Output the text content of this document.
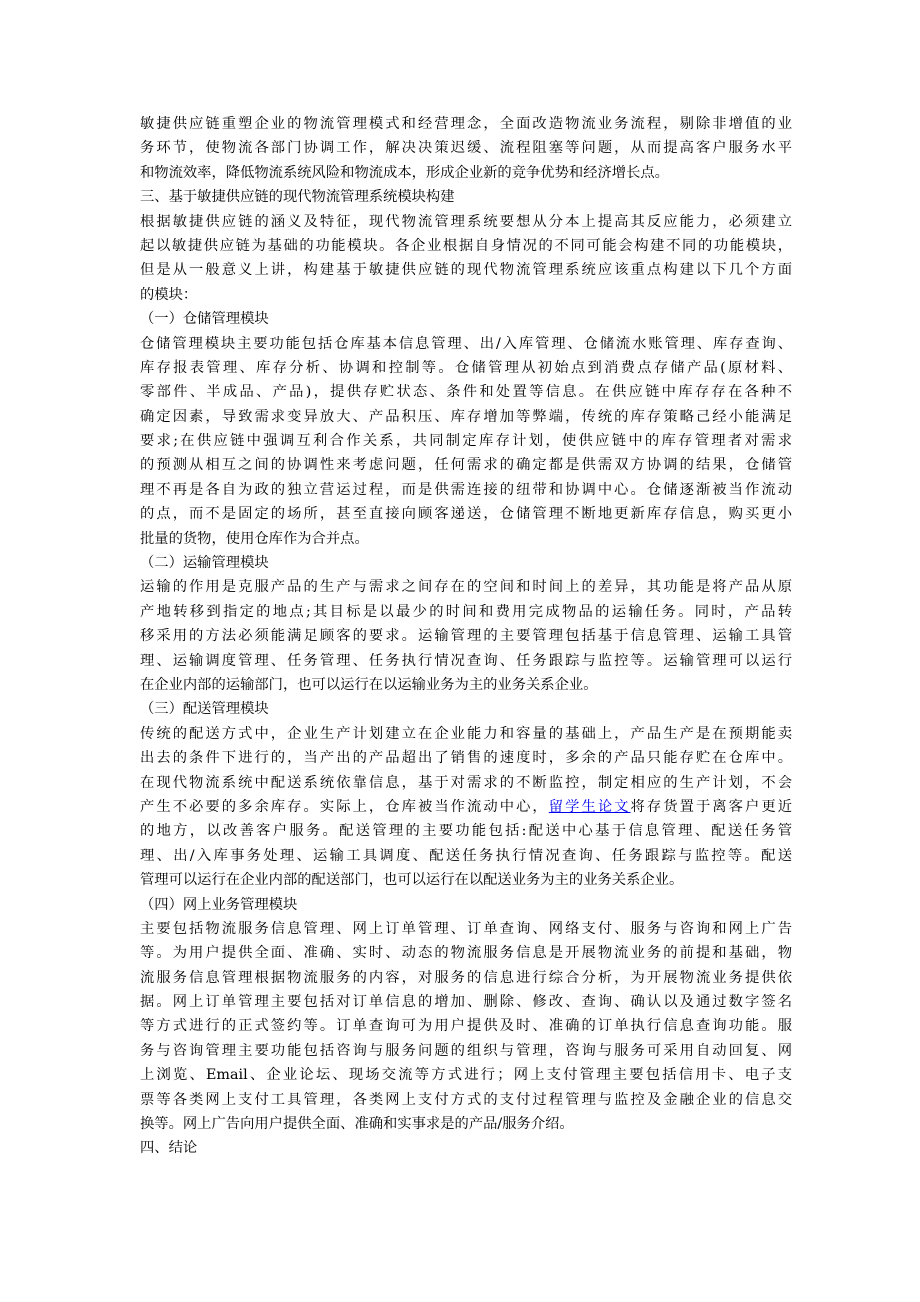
敏捷供应链重塑企业的物流管理模式和经营理念，全面改造物流业务流程，剔除非增值的业
务环节，使物流各部门协调工作，解决决策迟缓、流程阻塞等问题，从而提高客户服务水平
和物流效率，降低物流系统风险和物流成本，形成企业新的竞争优势和经济增长点。
三、基于敏捷供应链的现代物流管理系统模块构建
根据敏捷供应链的涵义及特征，现代物流管理系统要想从分本上提高其反应能力，必须建立
起以敏捷供应链为基础的功能模块。各企业根据自身情况的不同可能会构建不同的功能模块，
但是从一般意义上讲，构建基于敏捷供应链的现代物流管理系统应该重点构建以下几个方面
的模块：
（一）仓储管理模块
仓储管理模块主要功能包括仓库基本信息管理、出/入库管理、仓储流水账管理、库存查询、
库存报表管理、库存分析、协调和控制等。仓储管理从初始点到消费点存储产品(原材料、
零部件、半成品、产品)，提供存贮状态、条件和处置等信息。在供应链中库存存在各种不
确定因素，导致需求变异放大、产品积压、库存增加等弊端，传统的库存策略己经小能满足
要求;在供应链中强调互利合作关系，共同制定库存计划，使供应链中的库存管理者对需求
的预测从相互之间的协调性来考虑问题，任何需求的确定都是供需双方协调的结果，仓储管
理不再是各自为政的独立营运过程，而是供需连接的纽带和协调中心。仓储逐渐被当作流动
的点，而不是固定的场所，甚至直接向顾客递送，仓储管理不断地更新库存信息，购买更小
批量的货物，使用仓库作为合并点。
（二）运输管理模块
运输的作用是克服产品的生产与需求之间存在的空间和时间上的差异，其功能是将产品从原
产地转移到指定的地点;其目标是以最少的时间和费用完成物品的运输任务。同时，产品转
移采用的方法必须能满足顾客的要求。运输管理的主要管理包括基于信息管理、运输工具管
理、运输调度管理、任务管理、任务执行情况查询、任务跟踪与监控等。运输管理可以运行
在企业内部的运输部门，也可以运行在以运输业务为主的业务关系企业。
（三）配送管理模块
传统的配送方式中，企业生产计划建立在企业能力和容量的基础上，产品生产是在预期能卖
出去的条件下进行的，当产出的产品超出了销售的速度时，多余的产品只能存贮在仓库中。
在现代物流系统中配送系统依靠信息，基于对需求的不断监控，制定相应的生产计划，不会
产生不必要的多余库存。实际上，仓库被当作流动中心，留学生论文将存货置于离客户更近
的地方，以改善客户服务。配送管理的主要功能包括:配送中心基于信息管理、配送任务管
理、出/入库事务处理、运输工具调度、配送任务执行情况查询、任务跟踪与监控等。配送
管理可以运行在企业内部的配送部门，也可以运行在以配送业务为主的业务关系企业。
（四）网上业务管理模块
主要包括物流服务信息管理、网上订单管理、订单查询、网络支付、服务与咨询和网上广告
等。为用户提供全面、准确、实时、动态的物流服务信息是开展物流业务的前提和基础，物
流服务信息管理根据物流服务的内容，对服务的信息进行综合分析，为开展物流业务提供依
据。网上订单管理主要包括对订单信息的增加、删除、修改、查询、确认以及通过数字签名
等方式进行的正式签约等。订单查询可为用户提供及时、准确的订单执行信息查询功能。服
务与咨询管理主要功能包括咨询与服务问题的组织与管理，咨询与服务可采用自动回复、网
上浏览、Email、企业论坛、现场交流等方式进行；网上支付管理主要包括信用卡、电子支
票等各类网上支付工具管理，各类网上支付方式的支付过程管理与监控及金融企业的信息交
换等。网上广告向用户提供全面、准确和实事求是的产品/服务介绍。
四、结论
